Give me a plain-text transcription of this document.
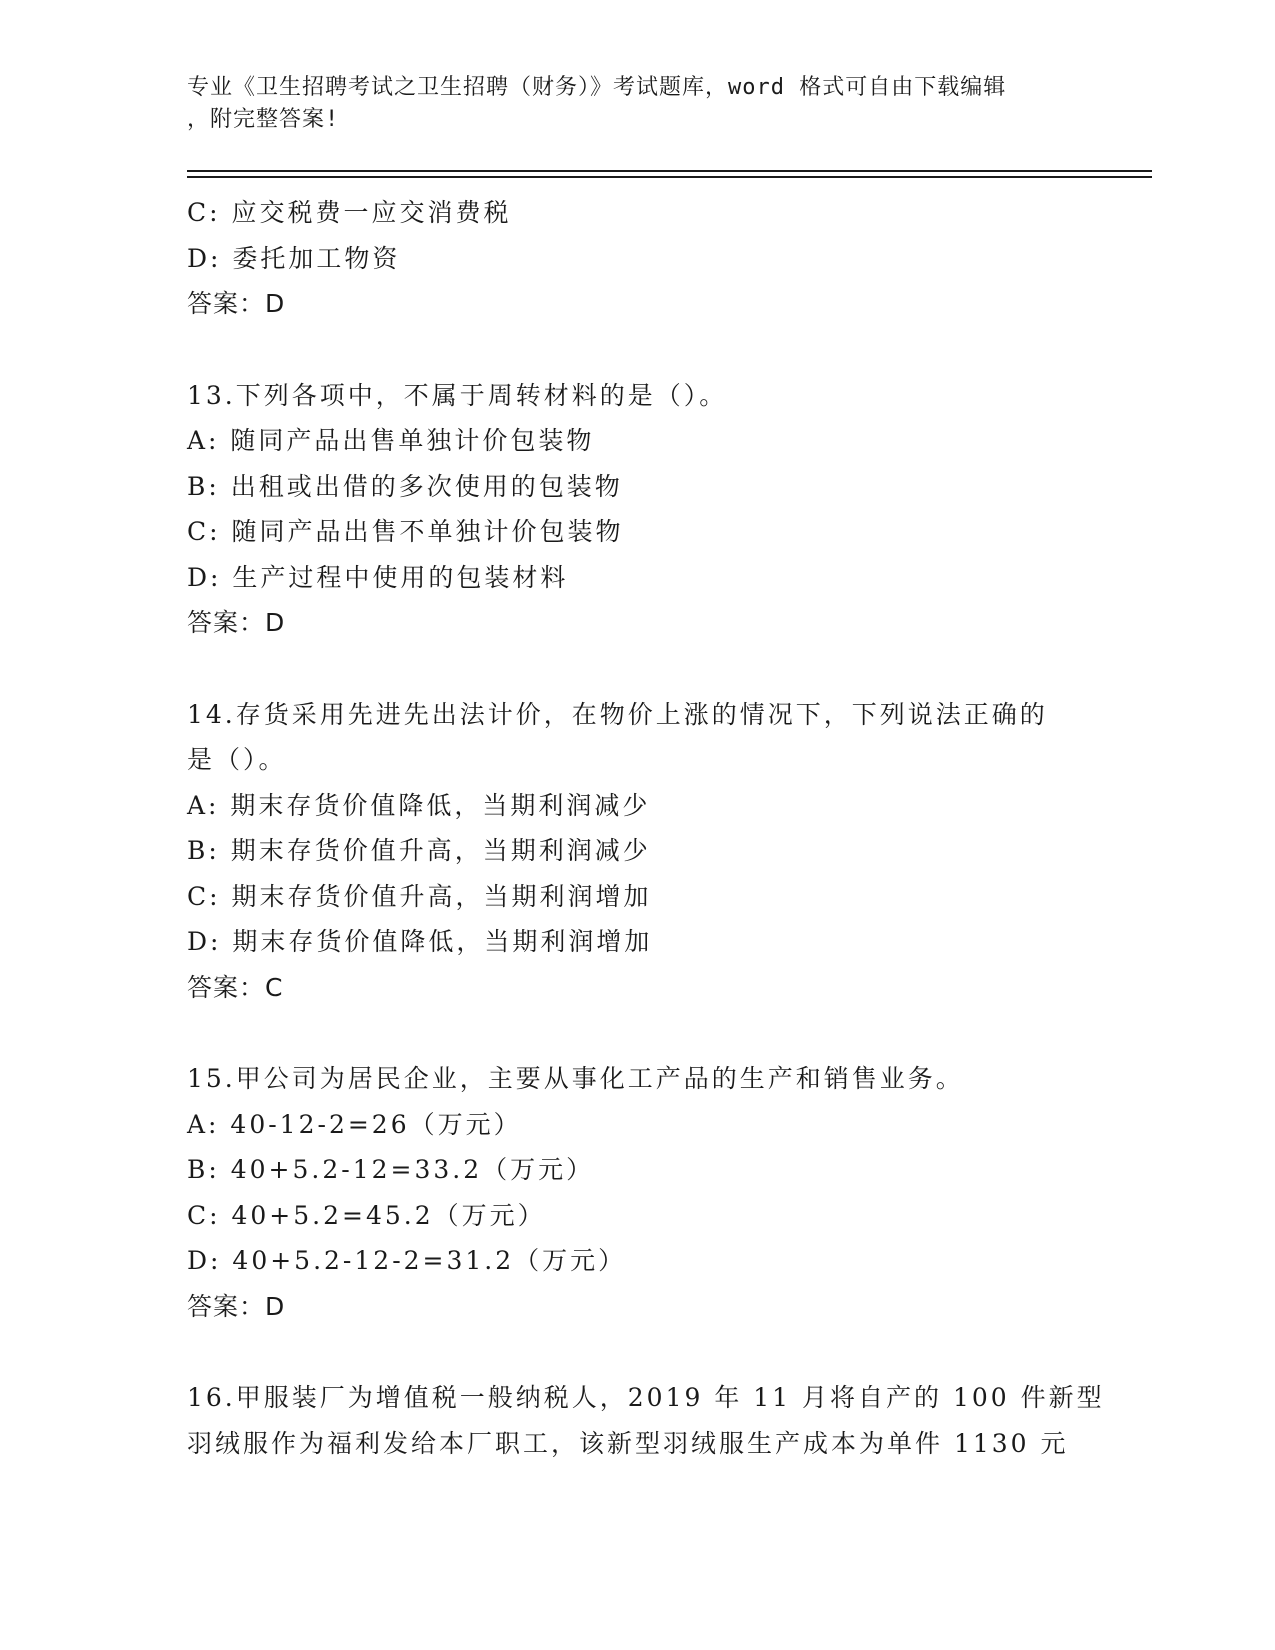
专业《卫生招聘考试之卫生招聘（财务）》考试题库，word 格式可自由下载编辑
，附完整答案!
C: 应交税费一应交消费税
D: 委托加工物资
答案：D
13.下列各项中，不属于周转材料的是（）。
A: 随同产品出售单独计价包装物
B: 出租或出借的多次使用的包装物
C: 随同产品出售不单独计价包装物
D: 生产过程中使用的包装材料
答案：D
14.存货采用先进先出法计价，在物价上涨的情况下，下列说法正确的
是（）。
A: 期末存货价值降低，当期利润减少
B: 期末存货价值升高，当期利润减少
C: 期末存货价值升高，当期利润增加
D: 期末存货价值降低，当期利润增加
答案：C
15.甲公司为居民企业，主要从事化工产品的生产和销售业务。
A: 40-12-2=26（万元）
B: 40+5.2-12=33.2（万元）
C: 40+5.2=45.2（万元）
D: 40+5.2-12-2=31.2（万元）
答案：D
16.甲服装厂为增值税一般纳税人，2019 年 11 月将自产的 100 件新型
羽绒服作为福利发给本厂职工，该新型羽绒服生产成本为单件 1130 元
